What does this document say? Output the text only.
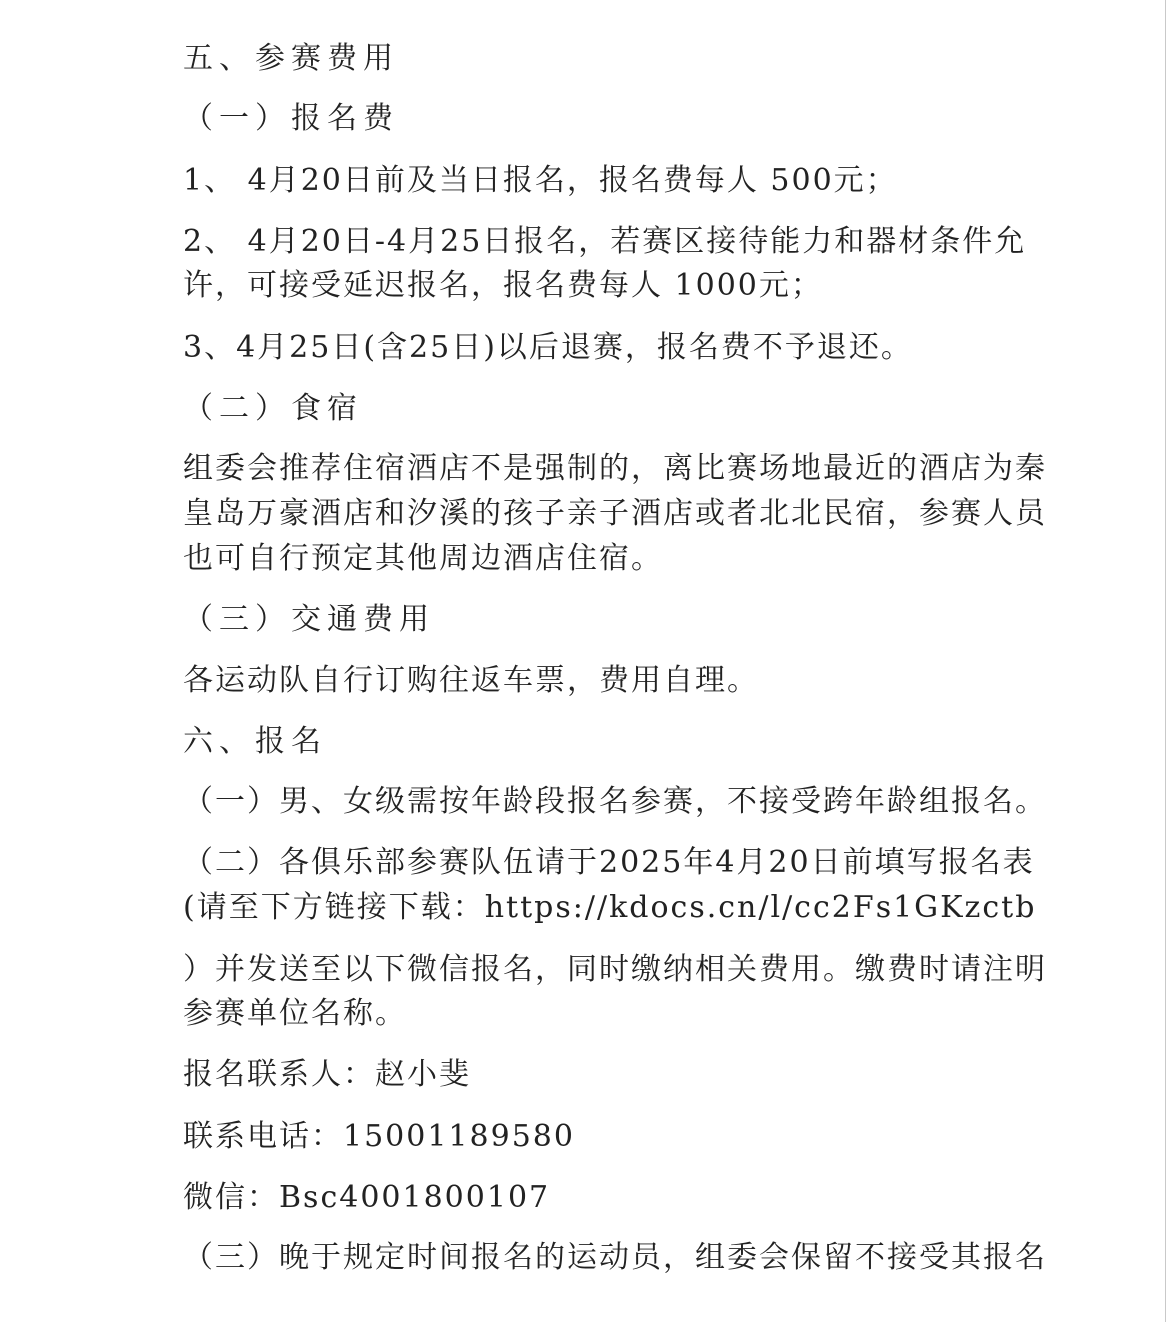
五、参赛费用
（一）报名费
1、 4月20日前及当日报名，报名费每人 500元；
2、 4月20日-4月25日报名，若赛区接待能力和器材条件允
许，可接受延迟报名，报名费每人 1000元；
3、4月25日(含25日)以后退赛，报名费不予退还。
（二）食宿
组委会推荐住宿酒店不是强制的，离比赛场地最近的酒店为秦
皇岛万豪酒店和汐溪的孩子亲子酒店或者北北民宿，参赛人员
也可自行预定其他周边酒店住宿。
（三）交通费用
各运动队自行订购往返车票，费用自理。
六、报名
（一）男、女级需按年龄段报名参赛，不接受跨年龄组报名。
（二）各俱乐部参赛队伍请于2025年4月20日前填写报名表
(请至下方链接下载：https://kdocs.cn/l/cc2Fs1GKzctb
）并发送至以下微信报名，同时缴纳相关费用。缴费时请注明
参赛单位名称。
报名联系人：赵小斐
联系电话：15001189580
微信：Bsc4001800107
（三）晚于规定时间报名的运动员，组委会保留不接受其报名
